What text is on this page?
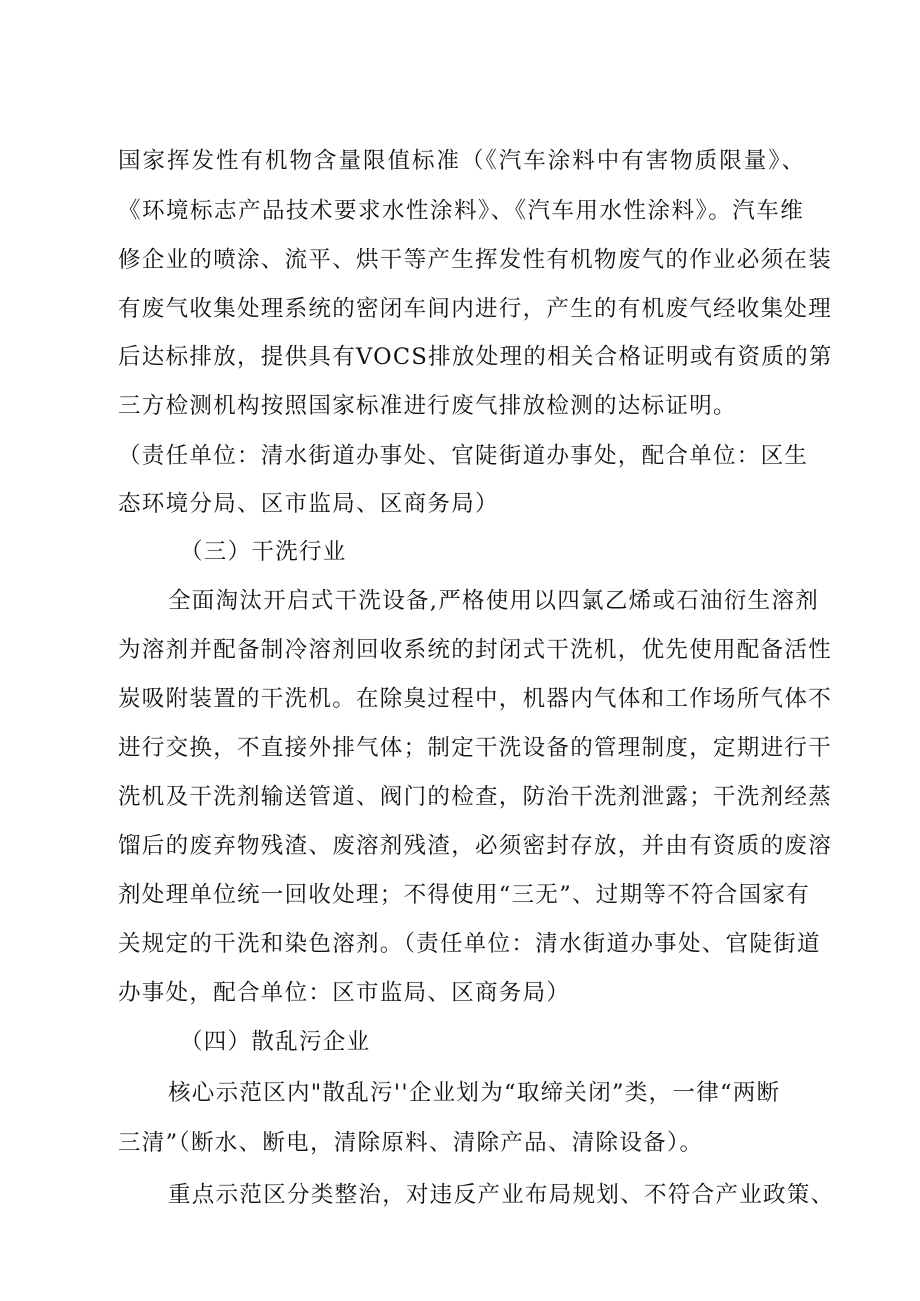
国家挥发性有机物含量限值标准（《汽车涂料中有害物质限量》、
《环境标志产品技术要求水性涂料》、《汽车用水性涂料》。汽车维
修企业的喷涂、流平、烘干等产生挥发性有机物废气的作业必须在装
有废气收集处理系统的密闭车间内进行，产生的有机废气经收集处理
后达标排放，提供具有VOCS排放处理的相关合格证明或有资质的第
三方检测机构按照国家标准进行废气排放检测的达标证明。
（责任单位：清水街道办事处、官陡街道办事处，配合单位：区生
态环境分局、区市监局、区商务局）
（三）干洗行业
全面淘汰开启式干洗设备,严格使用以四氯乙烯或石油衍生溶剂
为溶剂并配备制冷溶剂回收系统的封闭式干洗机，优先使用配备活性
炭吸附装置的干洗机。在除臭过程中，机器内气体和工作场所气体不
进行交换，不直接外排气体；制定干洗设备的管理制度，定期进行干
洗机及干洗剂输送管道、阀门的检查，防治干洗剂泄露；干洗剂经蒸
馏后的废弃物残渣、废溶剂残渣，必须密封存放，并由有资质的废溶
剂处理单位统一回收处理；不得使用“三无”、过期等不符合国家有
关规定的干洗和染色溶剂。（责任单位：清水街道办事处、官陡街道
办事处，配合单位：区市监局、区商务局）
（四）散乱污企业
核心示范区内"散乱污''企业划为“取缔关闭”类，一律“两断
三清”（断水、断电，清除原料、清除产品、清除设备）。
重点示范区分类整治，对违反产业布局规划、不符合产业政策、
